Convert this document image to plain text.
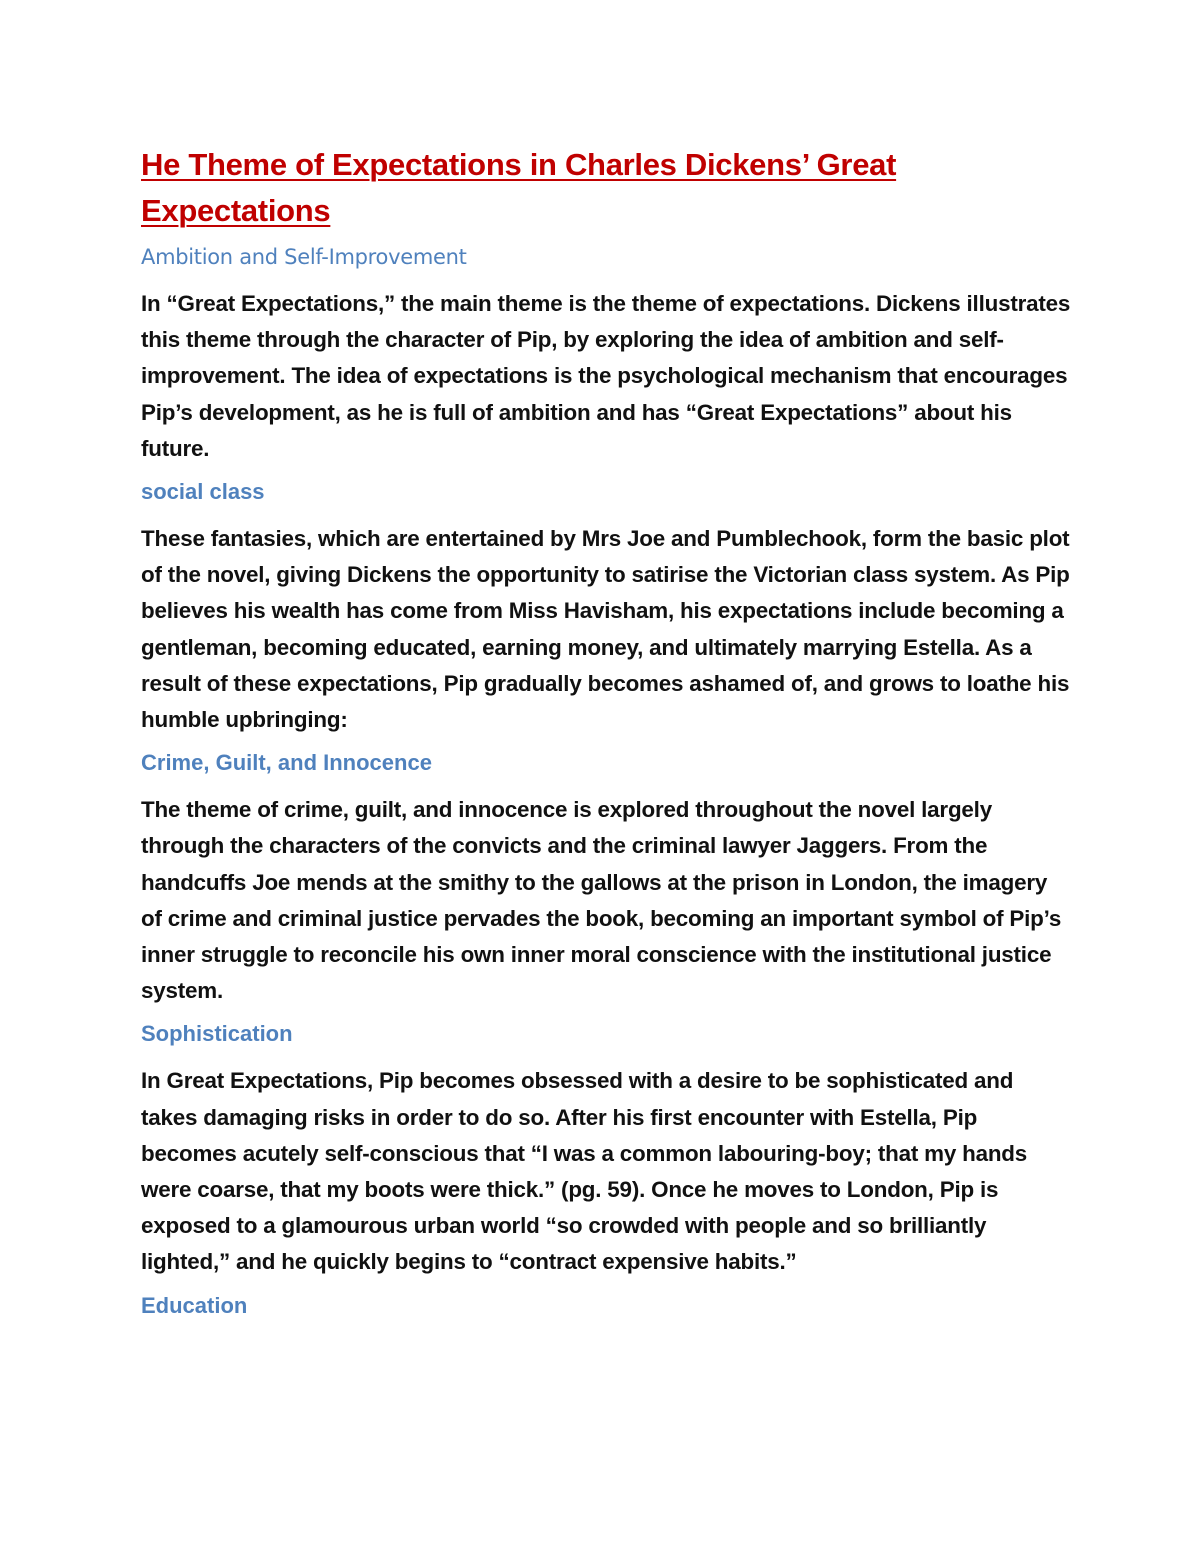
He Theme of Expectations in Charles Dickens’ Great Expectations
Ambition and Self-Improvement

In “Great Expectations,” the main theme is the theme of expectations. Dickens illustrates this theme through the character of Pip, by exploring the idea of ambition and self-improvement. The idea of expectations is the psychological mechanism that encourages Pip’s development, as he is full of ambition and has “Great Expectations” about his future.

social class

These fantasies, which are entertained by Mrs Joe and Pumblechook, form the basic plot of the novel, giving Dickens the opportunity to satirise the Victorian class system. As Pip believes his wealth has come from Miss Havisham, his expectations include becoming a gentleman, becoming educated, earning money, and ultimately marrying Estella. As a result of these expectations, Pip gradually becomes ashamed of, and grows to loathe his humble upbringing:

Crime, Guilt, and Innocence

The theme of crime, guilt, and innocence is explored throughout the novel largely through the characters of the convicts and the criminal lawyer Jaggers. From the handcuffs Joe mends at the smithy to the gallows at the prison in London, the imagery of crime and criminal justice pervades the book, becoming an important symbol of Pip’s inner struggle to reconcile his own inner moral conscience with the institutional justice system.

Sophistication

In Great Expectations, Pip becomes obsessed with a desire to be sophisticated and takes damaging risks in order to do so. After his first encounter with Estella, Pip becomes acutely self-conscious that “I was a common labouring-boy; that my hands were coarse, that my boots were thick.” (pg. 59). Once he moves to London, Pip is exposed to a glamourous urban world “so crowded with people and so brilliantly lighted,” and he quickly begins to “contract expensive habits.”

Education
